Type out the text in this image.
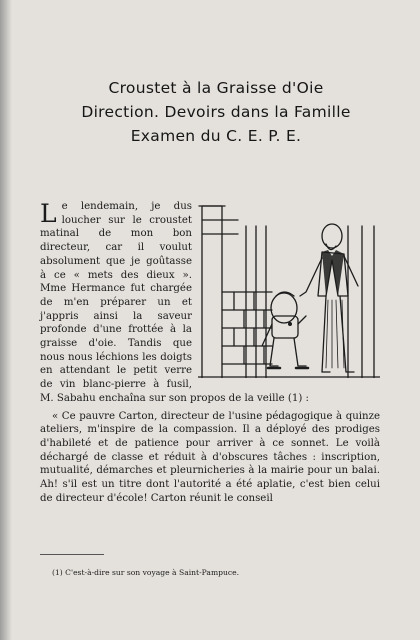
Croustet à la Graisse d'Oie
Direction. Devoirs dans la Famille
Examen du C. E. P. E.

Le lendemain, je dus loucher sur le croustet matinal de mon bon directeur, car il voulut absolument que je goûtasse à ce « mets des dieux ». Mme Hermance fut chargée de m'en préparer un et j'appris ainsi la saveur profonde d'une frottée à la graisse d'oie. Tandis que nous nous léchions les doigts en attendant le petit verre de vin blanc-pierre à fusil, M. Sabahu enchaîna sur son propos de la veille (1) :

« Ce pauvre Carton, directeur de l'usine pédagogique à quinze ateliers, m'inspire de la compassion. Il a déployé des prodiges d'habileté et de patience pour arriver à ce sonnet. Le voilà déchargé de classe et réduit à d'obscures tâches : inscription, mutualité, démarches et pleurnicheries à la mairie pour un balai. Ah! s'il est un titre dont l'autorité a été aplatie, c'est bien celui de directeur d'école! Carton réunit le conseil

(1) C'est-à-dire sur son voyage à Saint-Pampuce.
